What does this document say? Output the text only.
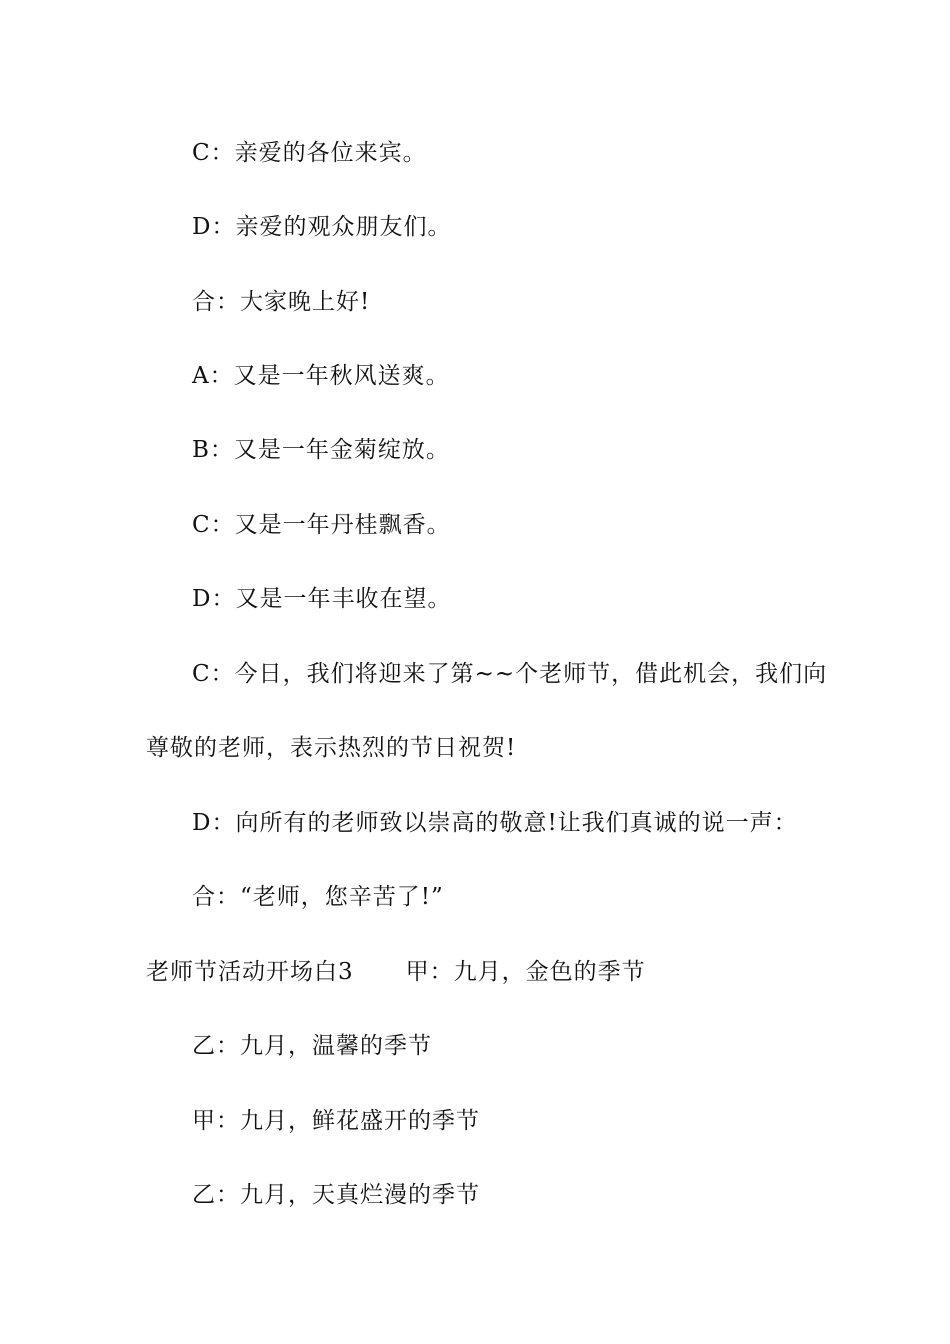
C：亲爱的各位来宾。
D：亲爱的观众朋友们。
合：大家晚上好!
A：又是一年秋风送爽。
B：又是一年金菊绽放。
C：又是一年丹桂飘香。
D：又是一年丰收在望。
C：今日，我们将迎来了第~~个老师节，借此机会，我们向
尊敬的老师，表示热烈的节日祝贺!
D：向所有的老师致以崇高的敬意!让我们真诚的说一声：
合：“老师，您辛苦了!”
老师节活动开场白3 甲：九月，金色的季节
乙：九月，温馨的季节
甲：九月，鲜花盛开的季节
乙：九月，天真烂漫的季节
